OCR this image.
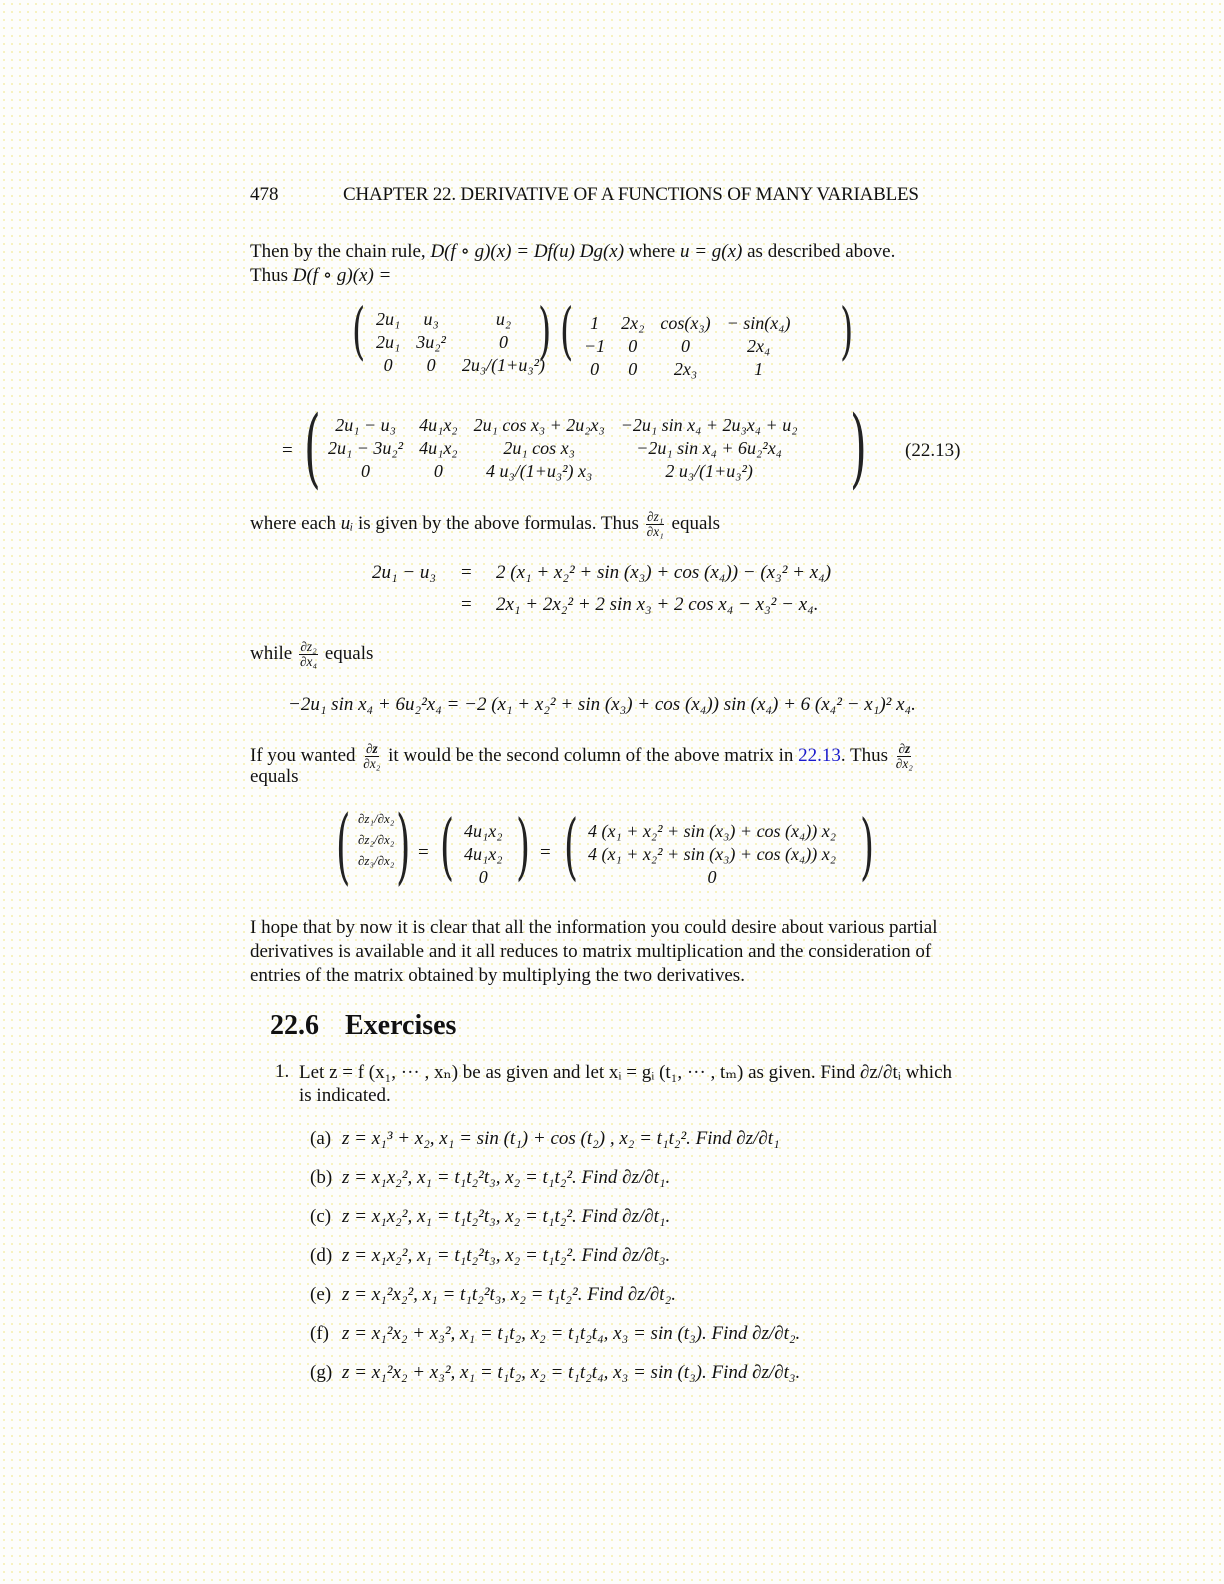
478	CHAPTER 22. DERIVATIVE OF A FUNCTIONS OF MANY VARIABLES
Then by the chain rule, D(f ∘ g)(x) = Df(u) Dg(x) where u = g(x) as described above.
Thus D(f ∘ g)(x) =
( 2u₁	u₃	u₂
2u₁	3u₂²	0
0	0	2u₃/(1+u₃²)
) ( 1	2x₂	cos(x₃)	− sin(x₄)
−1	0	0	2x₄
0	0	2x₃	1
)
= ( 2u₁ − u₃	4u₁x₂	2u₁ cos x₃ + 2u₂x₃	−2u₁ sin x₄ + 2u₃x₄ + u₂
2u₁ − 3u₂²	4u₁x₂	2u₁ cos x₃	−2u₁ sin x₄ + 6u₂²x₄
0	0	4 u₃/(1+u₃²) x₃	2 u₃/(1+u₃²) ) (22.13)
where each uᵢ is given by the above formulas. Thus $\frac{\text{∂z₁}}{\text{∂x₁}}$ equals
2u₁ − u₃ = 2 (x₁ + x₂² + sin (x₃) + cos (x₄)) − (x₃² + x₄)
= 2x₁ + 2x₂² + 2 sin x₃ + 2 cos x₄ − x₃² − x₄.
while $\frac{\text{∂z₂}}{\text{∂x₄}}$ equals
−2u₁ sin x₄ + 6u₂²x₄ = −2 (x₁ + x₂² + sin (x₃) + cos (x₄)) sin (x₄) + 6 (x₄² − x₁)² x₄.
If you wanted $\frac{\partial z}{\text{∂x₂}}$ it would be the second column of the above matrix in 22.13. Thus $\frac{\partial z}{\text{∂x₂}}$
equals
( ∂z₁/∂x₂
∂z₂/∂x₂
∂z₃/∂x₂ ) = ( 4u₁x₂
4u₁x₂
0 ) = ( 4 (x₁ + x₂² + sin (x₃) + cos (x₄)) x₂
4 (x₁ + x₂² + sin (x₃) + cos (x₄)) x₂
0 )
I hope that by now it is clear that all the information you could desire about various partial
derivatives is available and it all reduces to matrix multiplication and the consideration of
entries of the matrix obtained by multiplying the two derivatives.
22.6 Exercises
1. Let z = f (x₁, ··· , xₙ) be as given and let xᵢ = gᵢ (t₁, ··· , tₘ) as given. Find ∂z/∂tᵢ which
is indicated.
(a) z = x₁³ + x₂, x₁ = sin (t₁) + cos (t₂) , x₂ = t₁t₂². Find ∂z/∂t₁
(b) z = x₁x₂², x₁ = t₁t₂²t₃, x₂ = t₁t₂². Find ∂z/∂t₁.
(c) z = x₁x₂², x₁ = t₁t₂²t₃, x₂ = t₁t₂². Find ∂z/∂t₁.
(d) z = x₁x₂², x₁ = t₁t₂²t₃, x₂ = t₁t₂². Find ∂z/∂t₃.
(e) z = x₁²x₂², x₁ = t₁t₂²t₃, x₂ = t₁t₂². Find ∂z/∂t₂.
(f) z = x₁²x₂ + x₃², x₁ = t₁t₂, x₂ = t₁t₂t₄, x₃ = sin (t₃). Find ∂z/∂t₂.
(g) z = x₁²x₂ + x₃², x₁ = t₁t₂, x₂ = t₁t₂t₄, x₃ = sin (t₃). Find ∂z/∂t₃.
